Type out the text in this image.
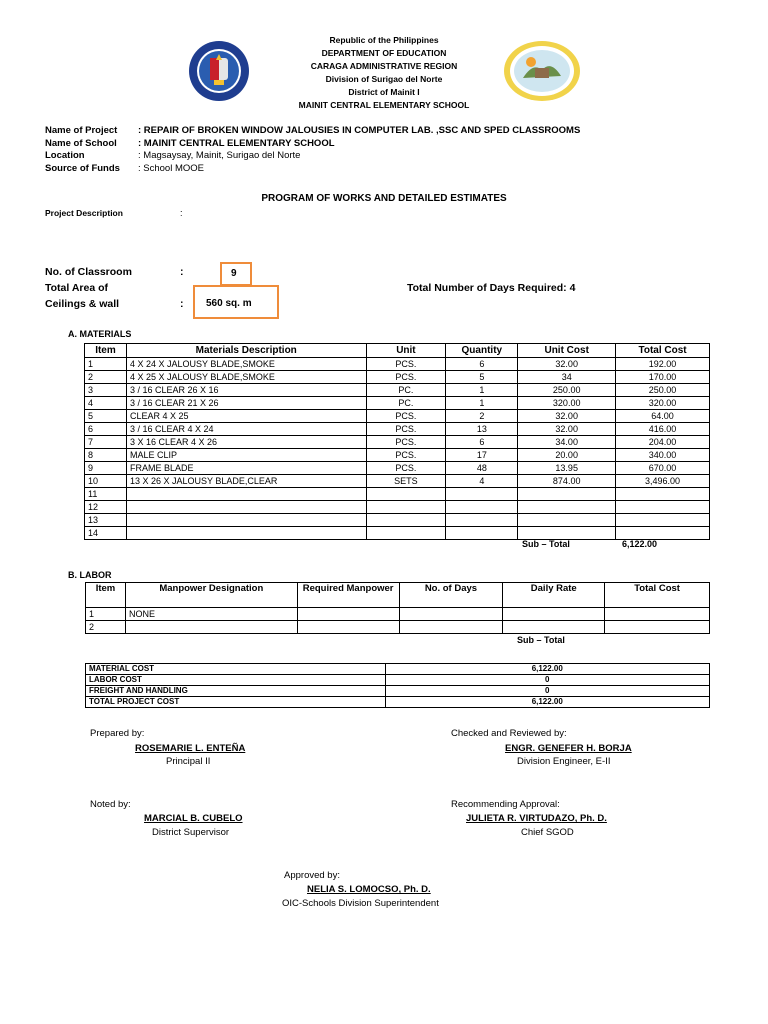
Republic of the Philippines
DEPARTMENT OF EDUCATION
CARAGA ADMINISTRATIVE REGION
Division of Surigao del Norte
District of Mainit I
MAINIT CENTRAL ELEMENTARY SCHOOL
Name of Project : REPAIR OF BROKEN WINDOW JALOUSIES IN COMPUTER LAB. ,SSC AND SPED CLASSROOMS
Name of School : MAINIT CENTRAL ELEMENTARY SCHOOL
Location	: Magsaysay, Mainit, Surigao del Norte
Source of Funds : School MOOE
PROGRAM OF WORKS AND DETAILED ESTIMATES
Project Description	:
No. of Classroom	:	9
Total Area of
Ceilings & wall	: 560 sq. m
Total Number of Days Required: 4
A. MATERIALS
Item	Materials Description	Unit	Quantity	Unit Cost	Total Cost
1	4 X 24 X JALOUSY BLADE,SMOKE	PCS.	6	32.00	192.00
2	4 X 25 X JALOUSY BLADE,SMOKE	PCS.	5	34	170.00
3	3 / 16 CLEAR 26 X 16	PC.	1	250.00	250.00
4	3 / 16 CLEAR 21 X 26	PC.	1	320.00	320.00
5	CLEAR 4 X 25	PCS.	2	32.00	64.00
6	3 / 16 CLEAR 4 X 24	PCS.	13	32.00	416.00
7	3 X 16 CLEAR 4 X 26	PCS.	6	34.00	204.00
8	MALE CLIP	PCS.	17	20.00	340.00
9	FRAME BLADE	PCS.	48	13.95	670.00
10	13 X 26 X JALOUSY BLADE,CLEAR	SETS	4	874.00	3,496.00
11					
12					
13					
14					
Sub – Total	6,122.00
B. LABOR
Item	Manpower Designation	Required Manpower	No. of Days	Daily Rate	Total Cost
1	NONE				
2					
Sub – Total
MATERIAL COST	6,122.00
LABOR COST	0
FREIGHT AND HANDLING	0
TOTAL PROJECT COST	6,122.00
Prepared by:
ROSEMARIE L. ENTEÑA
Principal II
Checked and Reviewed by:
ENGR. GENEFER H. BORJA
Division Engineer, E-II
Noted by:
MARCIAL B. CUBELO
District Supervisor
Recommending Approval:
JULIETA R. VIRTUDAZO, Ph. D.
Chief SGOD
Approved by:
NELIA S. LOMOCSO, Ph. D.
OIC-Schools Division Superintendent
